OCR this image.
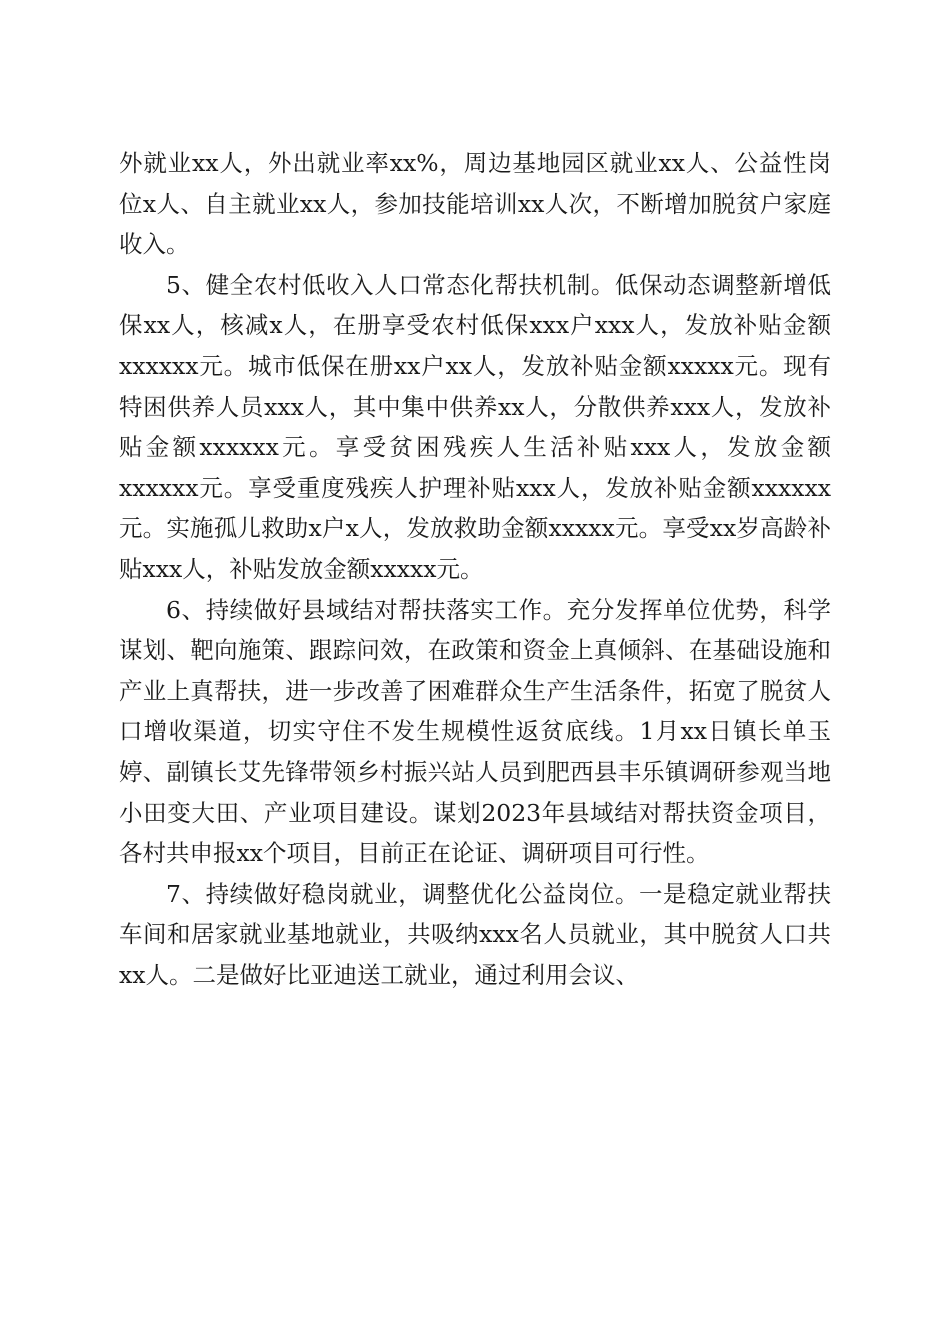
外就业xx人，外出就业率xx%，周边基地园区就业xx人、公益性岗位x人、自主就业xx人，参加技能培训xx人次，不断增加脱贫户家庭收入。

5、健全农村低收入人口常态化帮扶机制。低保动态调整新增低保xx人，核减x人，在册享受农村低保xxx户xxx人，发放补贴金额xxxxxx元。城市低保在册xx户xx人，发放补贴金额xxxxx元。现有特困供养人员xxx人，其中集中供养xx人，分散供养xxx人，发放补贴金额xxxxxx元。享受贫困残疾人生活补贴xxx人，发放金额xxxxxx元。享受重度残疾人护理补贴xxx人，发放补贴金额xxxxxx元。实施孤儿救助x户x人，发放救助金额xxxxx元。享受xx岁高龄补贴xxx人，补贴发放金额xxxxx元。

6、持续做好县域结对帮扶落实工作。充分发挥单位优势，科学谋划、靶向施策、跟踪问效，在政策和资金上真倾斜、在基础设施和产业上真帮扶，进一步改善了困难群众生产生活条件，拓宽了脱贫人口增收渠道，切实守住不发生规模性返贫底线。1月xx日镇长单玉婷、副镇长艾先锋带领乡村振兴站人员到肥西县丰乐镇调研参观当地小田变大田、产业项目建设。谋划2023年县域结对帮扶资金项目，各村共申报xx个项目，目前正在论证、调研项目可行性。

7、持续做好稳岗就业，调整优化公益岗位。一是稳定就业帮扶车间和居家就业基地就业，共吸纳xxx名人员就业，其中脱贫人口共xx人。二是做好比亚迪送工就业，通过利用会议、
